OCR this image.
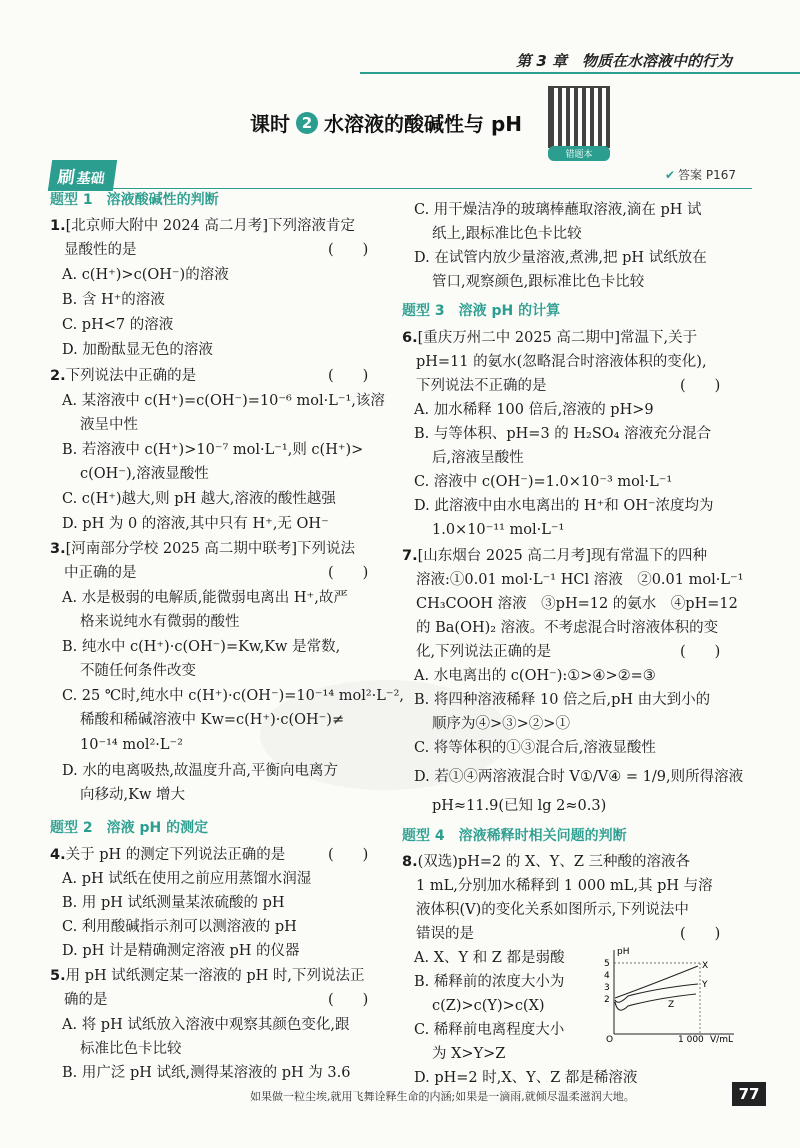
第 3 章　物质在水溶液中的行为
课时 2 水溶液的酸碱性与 pH
错题本
刷基础	✔ 答案 P167
题型 1　溶液酸碱性的判断
1.[北京师大附中 2024 高二月考]下列溶液肯定
显酸性的是	(　　)
A. c(H⁺)>c(OH⁻)的溶液
B. 含 H⁺的溶液
C. pH<7 的溶液
D. 加酚酞显无色的溶液
2.下列说法中正确的是	(　　)
A. 某溶液中 c(H⁺)=c(OH⁻)=10⁻⁶ mol·L⁻¹,该溶
液呈中性
B. 若溶液中 c(H⁺)>10⁻⁷ mol·L⁻¹,则 c(H⁺)>
c(OH⁻),溶液显酸性
C. c(H⁺)越大,则 pH 越大,溶液的酸性越强
D. pH 为 0 的溶液,其中只有 H⁺,无 OH⁻
3.[河南部分学校 2025 高二期中联考]下列说法
中正确的是	(　　)
A. 水是极弱的电解质,能微弱电离出 H⁺,故严
格来说纯水有微弱的酸性
B. 纯水中 c(H⁺)·c(OH⁻)=Kw,Kw 是常数,
不随任何条件改变
C. 25 ℃时,纯水中 c(H⁺)·c(OH⁻)=10⁻¹⁴ mol²·L⁻²,
稀酸和稀碱溶液中 Kw=c(H⁺)·c(OH⁻)≠
10⁻¹⁴ mol²·L⁻²
D. 水的电离吸热,故温度升高,平衡向电离方
向移动,Kw 增大
题型 2　溶液 pH 的测定
4.关于 pH 的测定下列说法正确的是	(　　)
A. pH 试纸在使用之前应用蒸馏水润湿
B. 用 pH 试纸测量某浓硫酸的 pH
C. 利用酸碱指示剂可以测溶液的 pH
D. pH 计是精确测定溶液 pH 的仪器
5.用 pH 试纸测定某一溶液的 pH 时,下列说法正
确的是	(　　)
A. 将 pH 试纸放入溶液中观察其颜色变化,跟
标准比色卡比较
B. 用广泛 pH 试纸,测得某溶液的 pH 为 3.6
C. 用干燥洁净的玻璃棒蘸取溶液,滴在 pH 试
纸上,跟标准比色卡比较
D. 在试管内放少量溶液,煮沸,把 pH 试纸放在
管口,观察颜色,跟标准比色卡比较
题型 3　溶液 pH 的计算
6.[重庆万州二中 2025 高二期中]常温下,关于
pH=11 的氨水(忽略混合时溶液体积的变化),
下列说法不正确的是	(　　)
A. 加水稀释 100 倍后,溶液的 pH>9
B. 与等体积、pH=3 的 H₂SO₄ 溶液充分混合
后,溶液呈酸性
C. 溶液中 c(OH⁻)=1.0×10⁻³ mol·L⁻¹
D. 此溶液中由水电离出的 H⁺和 OH⁻浓度均为
1.0×10⁻¹¹ mol·L⁻¹
7.[山东烟台 2025 高二月考]现有常温下的四种
溶液:①0.01 mol·L⁻¹ HCl 溶液　②0.01 mol·L⁻¹
CH₃COOH 溶液　③pH=12 的氨水　④pH=12
的 Ba(OH)₂ 溶液。不考虑混合时溶液体积的变
化,下列说法正确的是	(　　)
A. 水电离出的 c(OH⁻):①>④>②=③
B. 将四种溶液稀释 10 倍之后,pH 由大到小的
顺序为④>③>②>①
C. 将等体积的①③混合后,溶液显酸性
D. 若①④两溶液混合时 V①/V④ = 1/9,则所得溶液
pH≈11.9(已知 lg 2≈0.3)
题型 4　溶液稀释时相关问题的判断
8.(双选)pH=2 的 X、Y、Z 三种酸的溶液各
1 mL,分别加水稀释到 1 000 mL,其 pH 与溶
液体积(V)的变化关系如图所示,下列说法中
错误的是	(　　)
A. X、Y 和 Z 都是弱酸
B. 稀释前的浓度大小为
c(Z)>c(Y)>c(X)
C. 稀释前电离程度大小
为 X>Y>Z
D. pH=2 时,X、Y、Z 都是稀溶液
pH
5
4
3
2
X
Y
Z
O	1 000 V/mL
如果做一粒尘埃,就用飞舞诠释生命的内涵;如果是一滴雨,就倾尽温柔滋润大地。	77
